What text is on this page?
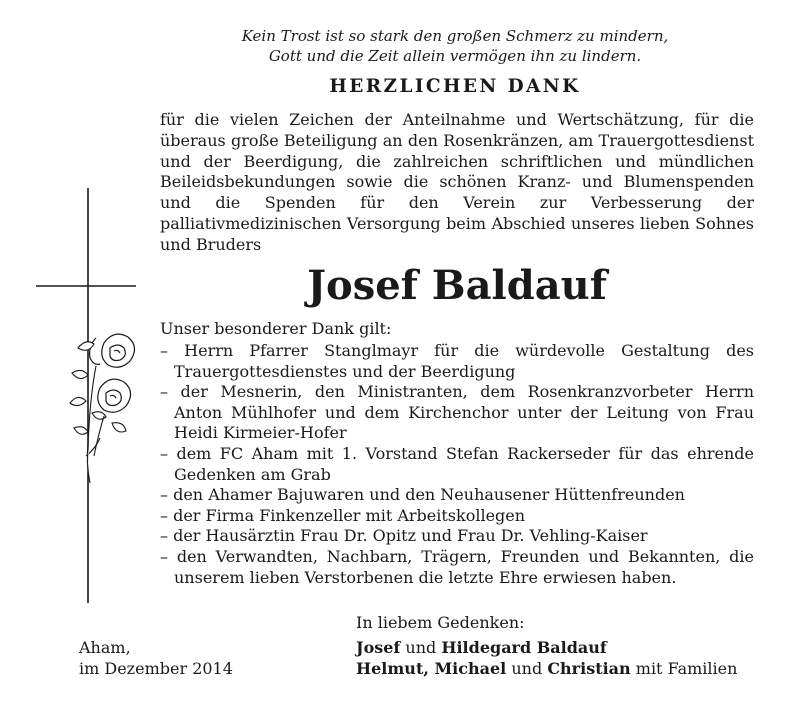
Kein Trost ist so stark den großen Schmerz zu mindern,
Gott und die Zeit allein vermögen ihn zu lindern.
HERZLICHEN DANK
für die vielen Zeichen der Anteilnahme und Wertschätzung, für die überaus große Beteiligung an den Rosenkränzen, am Trauergottesdienst und der Beerdigung, die zahlreichen schriftlichen und mündlichen Beileidsbekundungen sowie die schönen Kranz- und Blumenspenden und die Spenden für den Verein zur Verbesserung der palliativmedizinischen Versorgung beim Abschied unseres lieben Sohnes und Bruders
Josef Baldauf
Unser besonderer Dank gilt:
– Herrn Pfarrer Stanglmayr für die würdevolle Gestaltung des Trauergottesdienstes und der Beerdigung
– der Mesnerin, den Ministranten, dem Rosenkranzvorbeter Herrn Anton Mühlhofer und dem Kirchenchor unter der Leitung von Frau Heidi Kirmeier-Hofer
– dem FC Aham mit 1. Vorstand Stefan Rackerseder für das ehrende Gedenken am Grab
– den Ahamer Bajuwaren und den Neuhausener Hüttenfreunden
– der Firma Finkenzeller mit Arbeitskollegen
– der Hausärztin Frau Dr. Opitz und Frau Dr. Vehling-Kaiser
– den Verwandten, Nachbarn, Trägern, Freunden und Bekannten, die unserem lieben Verstorbenen die letzte Ehre erwiesen haben.
In liebem Gedenken:
Aham,
im Dezember 2014
Josef und Hildegard Baldauf
Helmut, Michael und Christian mit Familien
